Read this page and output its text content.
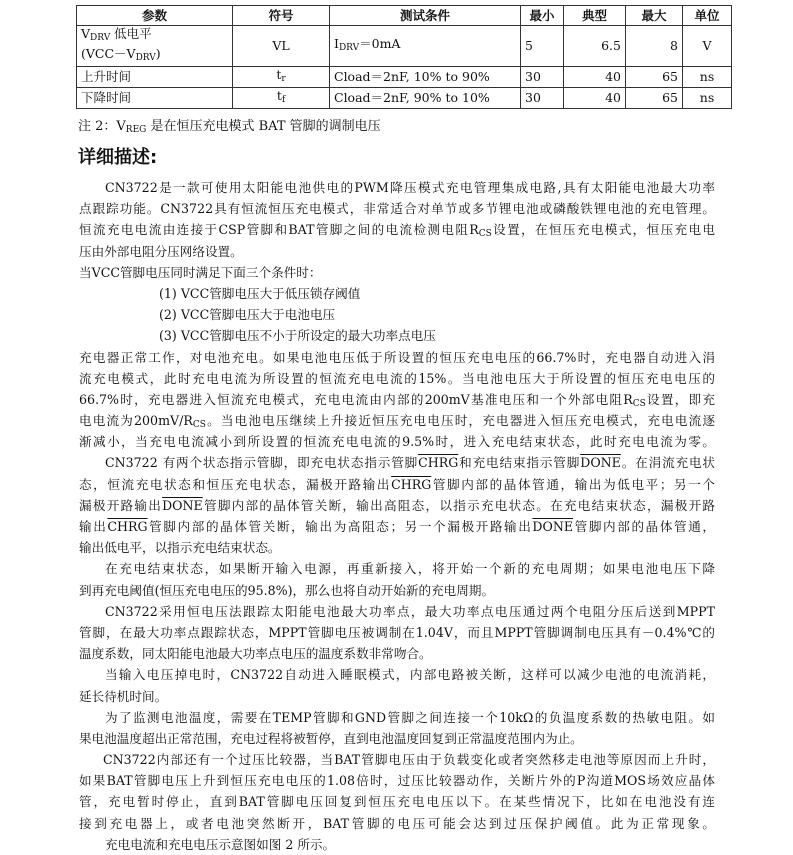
参数	符号	测试条件	最小	典型	最大	单位

$V_{DRV}$ 低电平
$(VCC-V_{DRV})$	VL	$I_{DRV}=0mA$	5	6.5	8	V
上升时间	$t_r$	Cload＝2nF, 10% to 90%	30	40	65	ns
下降时间	$t_f$	Cload＝2nF, 90% to 10%	30	40	65	ns
注 2：$V_{REG}$ 是在恒压充电模式 BAT 管脚的调制电压
详细描述:
CN3722是一款可使用太阳能电池供电的PWM降压模式充电管理集成电路,具有太阳能电池最大功率
点跟踪功能。CN3722具有恒流恒压充电模式，非常适合对单节或多节锂电池或磷酸铁锂电池的充电管理。
恒流充电电流由连接于CSP管脚和BAT管脚之间的电流检测电阻$R_{CS}$设置，在恒压充电模式，恒压充电电
压由外部电阻分压网络设置。
当VCC管脚电压同时满足下面三个条件时：
(1) VCC管脚电压大于低压锁存阈值
(2) VCC管脚电压大于电池电压
(3) VCC管脚电压不小于所设定的最大功率点电压
充电器正常工作，对电池充电。如果电池电压低于所设置的恒压充电电压的66.7%时，充电器自动进入涓
流充电模式，此时充电电流为所设置的恒流充电电流的15%。当电池电压大于所设置的恒压充电电压的
66.7%时，充电器进入恒流充电模式，充电电流由内部的200mV基准电压和一个外部电阻$R_{CS}$设置，即充
电电流为$200mV/R_{CS}$。当电池电压继续上升接近恒压充电电压时，充电器进入恒压充电模式，充电电流逐
渐减小，当充电电流减小到所设置的恒流充电电流的9.5%时，进入充电结束状态，此时充电电流为零。
CN3722 有两个状态指示管脚，即充电状态指示管脚CHRG和充电结束指示管脚DONE。在涓流充电状
态，恒流充电状态和恒压充电状态，漏极开路输出CHRG管脚内部的晶体管通，输出为低电平；另一个
漏极开路输出DONE管脚内部的晶体管关断，输出高阻态，以指示充电状态。在充电结束状态，漏极开路
输出CHRG管脚内部的晶体管关断，输出为高阻态；另一个漏极开路输出DONE管脚内部的晶体管通，
输出低电平，以指示充电结束状态。
在充电结束状态，如果断开输入电源，再重新接入，将开始一个新的充电周期；如果电池电压下降
到再充电阈值(恒压充电电压的95.8%)，那么也将自动开始新的充电周期。
CN3722采用恒电压法跟踪太阳能电池最大功率点，最大功率点电压通过两个电阻分压后送到MPPT
管脚，在最大功率点跟踪状态，MPPT管脚电压被调制在1.04V，而且MPPT管脚调制电压具有－0.4%℃的
温度系数，同太阳能电池最大功率点电压的温度系数非常吻合。
当输入电压掉电时，CN3722自动进入睡眠模式，内部电路被关断，这样可以减少电池的电流消耗，
延长待机时间。
为了监测电池温度，需要在TEMP管脚和GND管脚之间连接一个10kΩ的负温度系数的热敏电阻。如
果电池温度超出正常范围，充电过程将被暂停，直到电池温度回复到正常温度范围内为止。
CN3722内部还有一个过压比较器，当BAT管脚电压由于负载变化或者突然移走电池等原因而上升时，
如果BAT管脚电压上升到恒压充电电压的1.08倍时，过压比较器动作，关断片外的P沟道MOS场效应晶体
管，充电暂时停止，直到BAT管脚电压回复到恒压充电电压以下。在某些情况下，比如在电池没有连
接到充电器上，或者电池突然断开，BAT管脚的电压可能会达到过压保护阈值。此为正常现象。
充电电流和充电电压示意图如图 2 所示。
